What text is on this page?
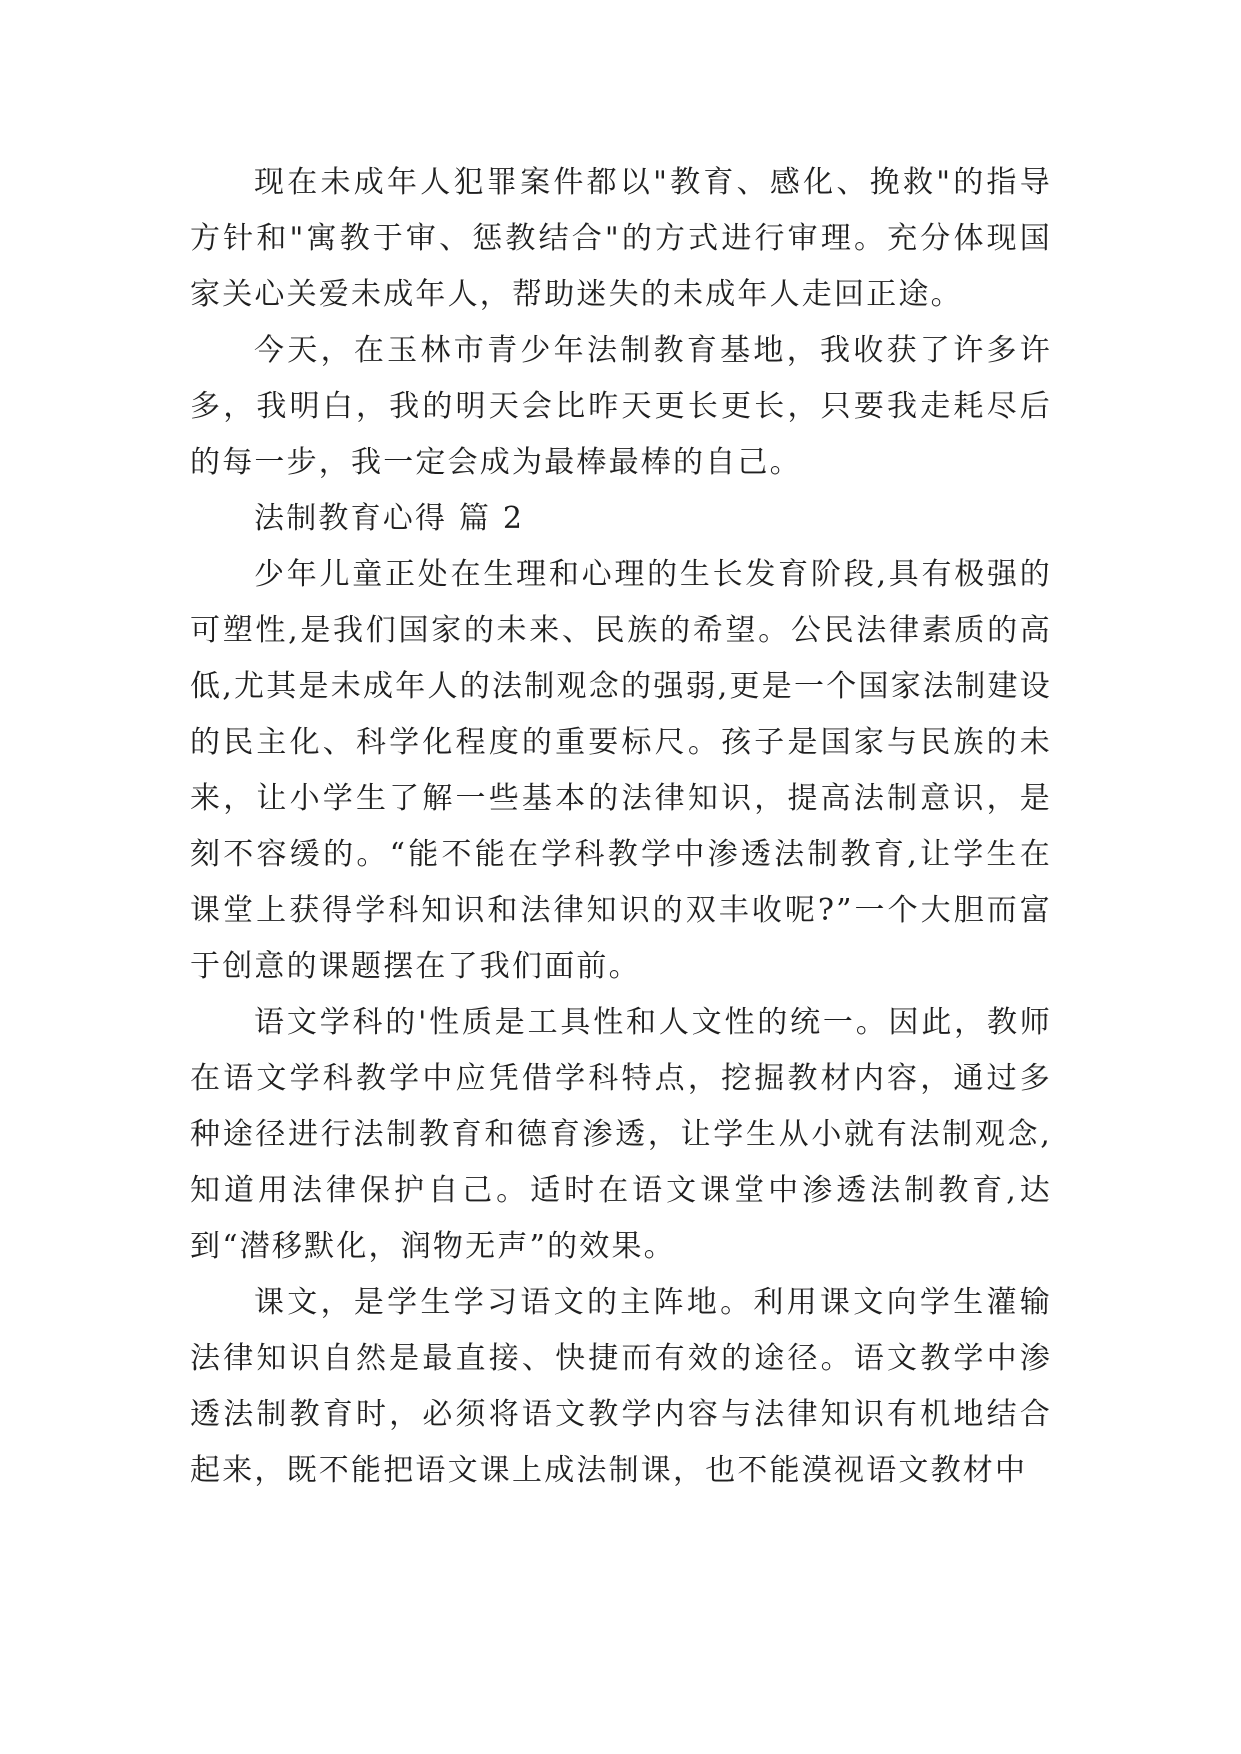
现在未成年人犯罪案件都以"教育、感化、挽救"的指导方针和"寓教于审、惩教结合"的方式进行审理。充分体现国家关心关爱未成年人，帮助迷失的未成年人走回正途。

今天，在玉林市青少年法制教育基地，我收获了许多许多，我明白，我的明天会比昨天更长更长，只要我走耗尽后的每一步，我一定会成为最棒最棒的自己。

法制教育心得 篇 2

少年儿童正处在生理和心理的生长发育阶段,具有极强的可塑性,是我们国家的未来、民族的希望。公民法律素质的高低,尤其是未成年人的法制观念的强弱,更是一个国家法制建设的民主化、科学化程度的重要标尺。孩子是国家与民族的未来，让小学生了解一些基本的法律知识，提高法制意识，是刻不容缓的。“能不能在学科教学中渗透法制教育,让学生在课堂上获得学科知识和法律知识的双丰收呢?”一个大胆而富于创意的课题摆在了我们面前。

语文学科的'性质是工具性和人文性的统一。因此，教师在语文学科教学中应凭借学科特点，挖掘教材内容，通过多种途径进行法制教育和德育渗透，让学生从小就有法制观念,知道用法律保护自己。适时在语文课堂中渗透法制教育,达到“潜移默化，润物无声”的效果。

课文，是学生学习语文的主阵地。利用课文向学生灌输法律知识自然是最直接、快捷而有效的途径。语文教学中渗透法制教育时，必须将语文教学内容与法律知识有机地结合起来，既不能把语文课上成法制课，也不能漠视语文教材中
